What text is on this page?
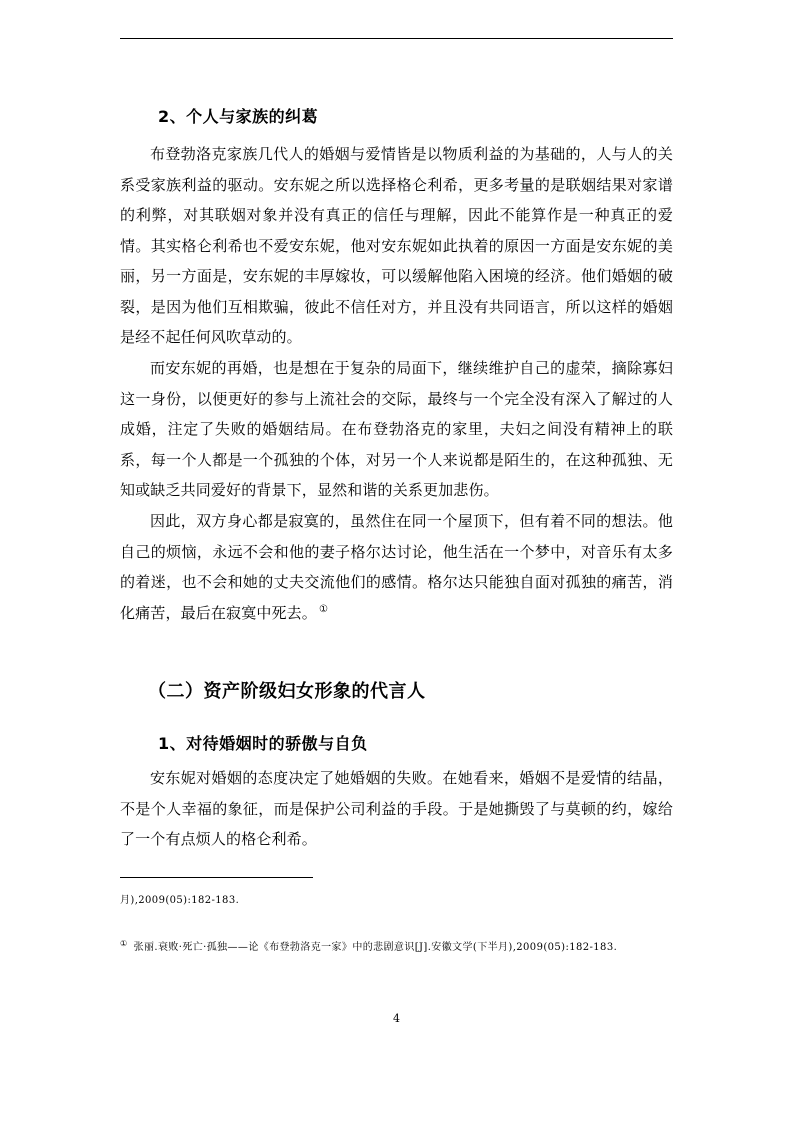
2、个人与家族的纠葛
布登勃洛克家族几代人的婚姻与爱情皆是以物质利益的为基础的，人与人的关系受家族利益的驱动。安东妮之所以选择格仑利希，更多考量的是联姻结果对家谱的利弊，对其联姻对象并没有真正的信任与理解，因此不能算作是一种真正的爱情。其实格仑利希也不爱安东妮，他对安东妮如此执着的原因一方面是安东妮的美丽，另一方面是，安东妮的丰厚嫁妆，可以缓解他陷入困境的经济。他们婚姻的破裂，是因为他们互相欺骗，彼此不信任对方，并且没有共同语言，所以这样的婚姻是经不起任何风吹草动的。
而安东妮的再婚，也是想在于复杂的局面下，继续维护自己的虚荣，摘除寡妇这一身份，以便更好的参与上流社会的交际，最终与一个完全没有深入了解过的人成婚，注定了失败的婚姻结局。在布登勃洛克的家里，夫妇之间没有精神上的联系，每一个人都是一个孤独的个体，对另一个人来说都是陌生的，在这种孤独、无知或缺乏共同爱好的背景下，显然和谐的关系更加悲伤。
因此，双方身心都是寂寞的，虽然住在同一个屋顶下，但有着不同的想法。他自己的烦恼，永远不会和他的妻子格尔达讨论，他生活在一个梦中，对音乐有太多的着迷，也不会和她的丈夫交流他们的感情。格尔达只能独自面对孤独的痛苦，消化痛苦，最后在寂寞中死去。 ①
（二）资产阶级妇女形象的代言人
1、对待婚姻时的骄傲与自负
安东妮对婚姻的态度决定了她婚姻的失败。在她看来，婚姻不是爱情的结晶，不是个人幸福的象征，而是保护公司利益的手段。于是她撕毁了与莫顿的约，嫁给了一个有点烦人的格仑利希。
月),2009(05):182-183.
① 张丽.衰败·死亡·孤独——论《布登勃洛克一家》中的悲剧意识[J].安徽文学(下半月),2009(05):182-183.
4
